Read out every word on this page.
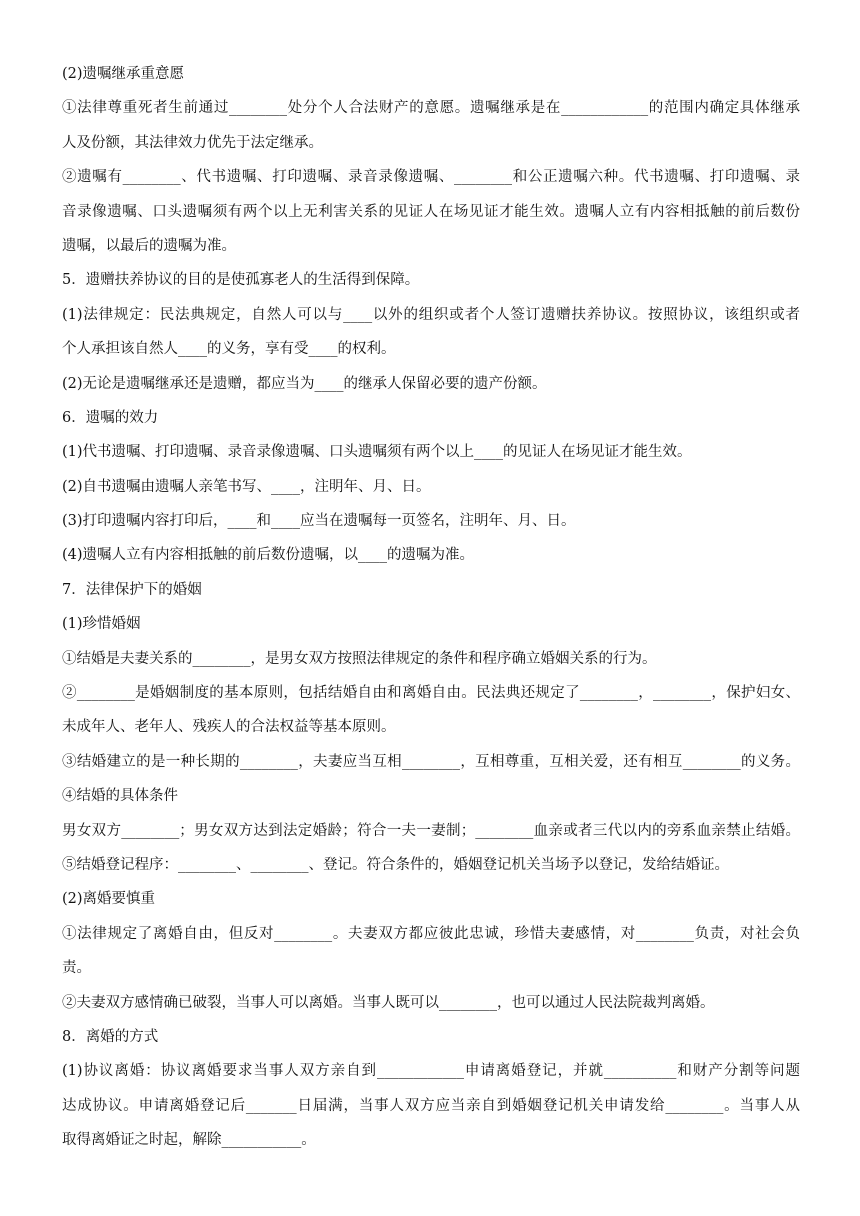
(2)遗嘱继承重意愿
①法律尊重死者生前通过________处分个人合法财产的意愿。遗嘱继承是在____________的范围内确定具体继承
人及份额，其法律效力优先于法定继承。
②遗嘱有________、代书遗嘱、打印遗嘱、录音录像遗嘱、________和公正遗嘱六种。代书遗嘱、打印遗嘱、录
音录像遗嘱、口头遗嘱须有两个以上无利害关系的见证人在场见证才能生效。遗嘱人立有内容相抵触的前后数份
遗嘱，以最后的遗嘱为准。
5．遗赠扶养协议的目的是使孤寡老人的生活得到保障。
(1)法律规定：民法典规定，自然人可以与____以外的组织或者个人签订遗赠扶养协议。按照协议，该组织或者
个人承担该自然人____的义务，享有受____的权利。
(2)无论是遗嘱继承还是遗赠，都应当为____的继承人保留必要的遗产份额。
6．遗嘱的效力
(1)代书遗嘱、打印遗嘱、录音录像遗嘱、口头遗嘱须有两个以上____的见证人在场见证才能生效。
(2)自书遗嘱由遗嘱人亲笔书写、____，注明年、月、日。
(3)打印遗嘱内容打印后，____和____应当在遗嘱每一页签名，注明年、月、日。
(4)遗嘱人立有内容相抵触的前后数份遗嘱，以____的遗嘱为准。
7．法律保护下的婚姻
(1)珍惜婚姻
①结婚是夫妻关系的________，是男女双方按照法律规定的条件和程序确立婚姻关系的行为。
②________是婚姻制度的基本原则，包括结婚自由和离婚自由。民法典还规定了________，________，保护妇女、
未成年人、老年人、残疾人的合法权益等基本原则。
③结婚建立的是一种长期的________，夫妻应当互相________，互相尊重，互相关爱，还有相互________的义务。
④结婚的具体条件
男女双方________；男女双方达到法定婚龄；符合一夫一妻制；________血亲或者三代以内的旁系血亲禁止结婚。
⑤结婚登记程序：________、________、登记。符合条件的，婚姻登记机关当场予以登记，发给结婚证。
(2)离婚要慎重
①法律规定了离婚自由，但反对________。夫妻双方都应彼此忠诚，珍惜夫妻感情，对________负责，对社会负
责。
②夫妻双方感情确已破裂，当事人可以离婚。当事人既可以________，也可以通过人民法院裁判离婚。
8．离婚的方式
(1)协议离婚：协议离婚要求当事人双方亲自到____________申请离婚登记，并就__________和财产分割等问题
达成协议。申请离婚登记后_______日届满，当事人双方应当亲自到婚姻登记机关申请发给________。当事人从
取得离婚证之时起，解除___________。
